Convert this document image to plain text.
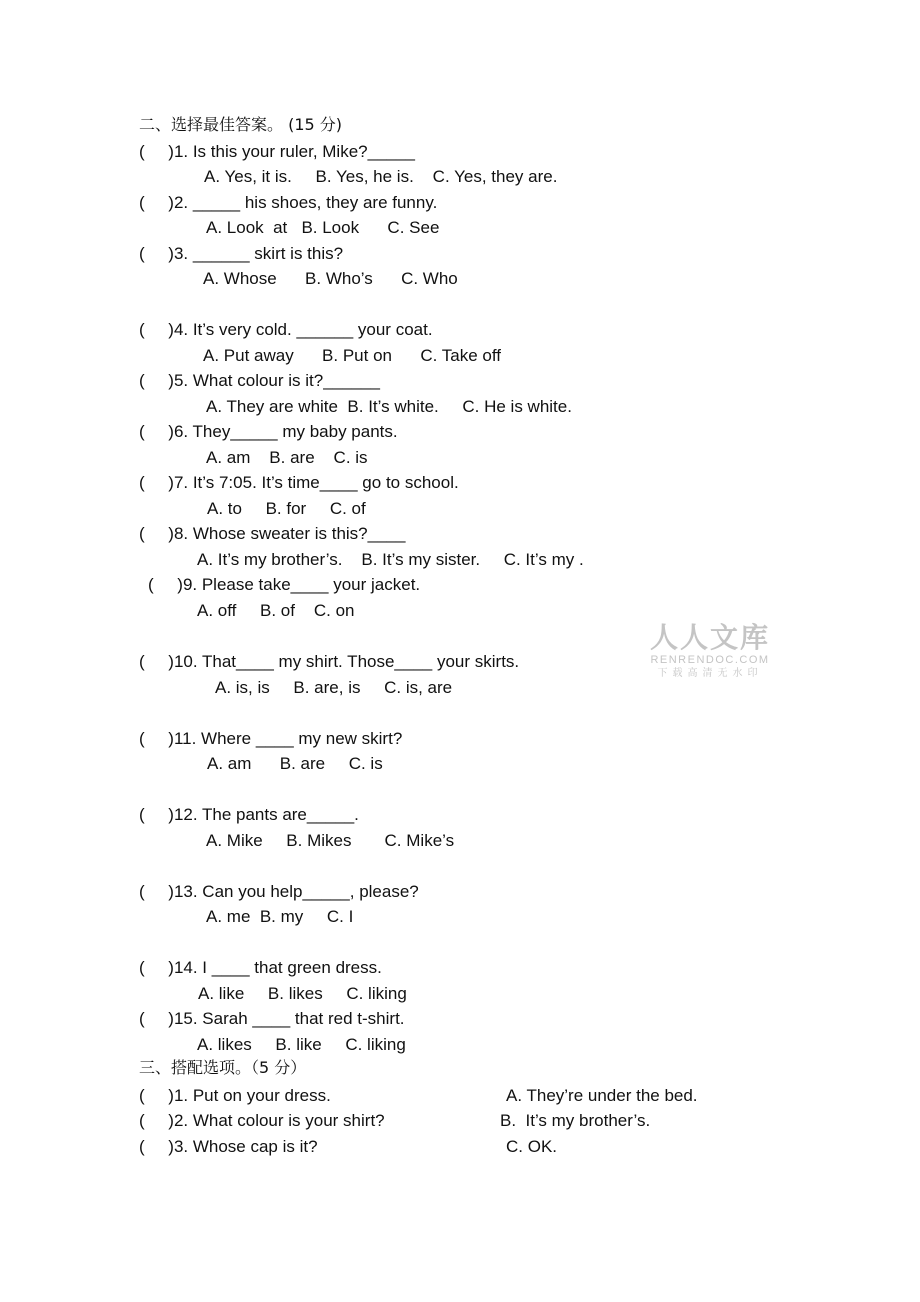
二、选择最佳答案。 (15 分)
(     )1. Is this your ruler, Mike?_____
A. Yes, it is.     B. Yes, he is.    C. Yes, they are.
(     )2. _____ his shoes, they are funny.
A. Look  at   B. Look      C. See
(     )3. ______ skirt is this?
A. Whose      B. Who’s      C. Who
(     )4. It’s very cold. ______ your coat.
A. Put away      B. Put on      C. Take off
(     )5. What colour is it?______
A. They are white  B. It’s white.     C. He is white.
(     )6. They_____ my baby pants.
A. am    B. are    C. is
(     )7. It’s 7:05. It’s time____ go to school.
A. to     B. for     C. of
(     )8. Whose sweater is this?____
A. It’s my brother’s.    B. It’s my sister.     C. It’s my .
(     )9. Please take____ your jacket.
A. off     B. of    C. on
(     )10. That____ my shirt. Those____ your skirts.
A. is, is     B. are, is     C. is, are
(     )11. Where ____ my new skirt?
A. am      B. are     C. is
(     )12. The pants are_____.
A. Mike     B. Mikes       C. Mike’s
(     )13. Can you help_____, please?
A. me  B. my     C. I
(     )14. I ____ that green dress.
A. like     B. likes     C. liking
(     )15. Sarah ____ that red t-shirt.
A. likes     B. like     C. liking
三、搭配选项。（5 分）
(     )1. Put on your dress.	A. They’re under the bed.
(     )2. What colour is your shirt?	B.  It’s my brother’s.
(     )3. Whose cap is it?	C. OK.
人人文库
RENRENDOC.COM
下载高清无水印
